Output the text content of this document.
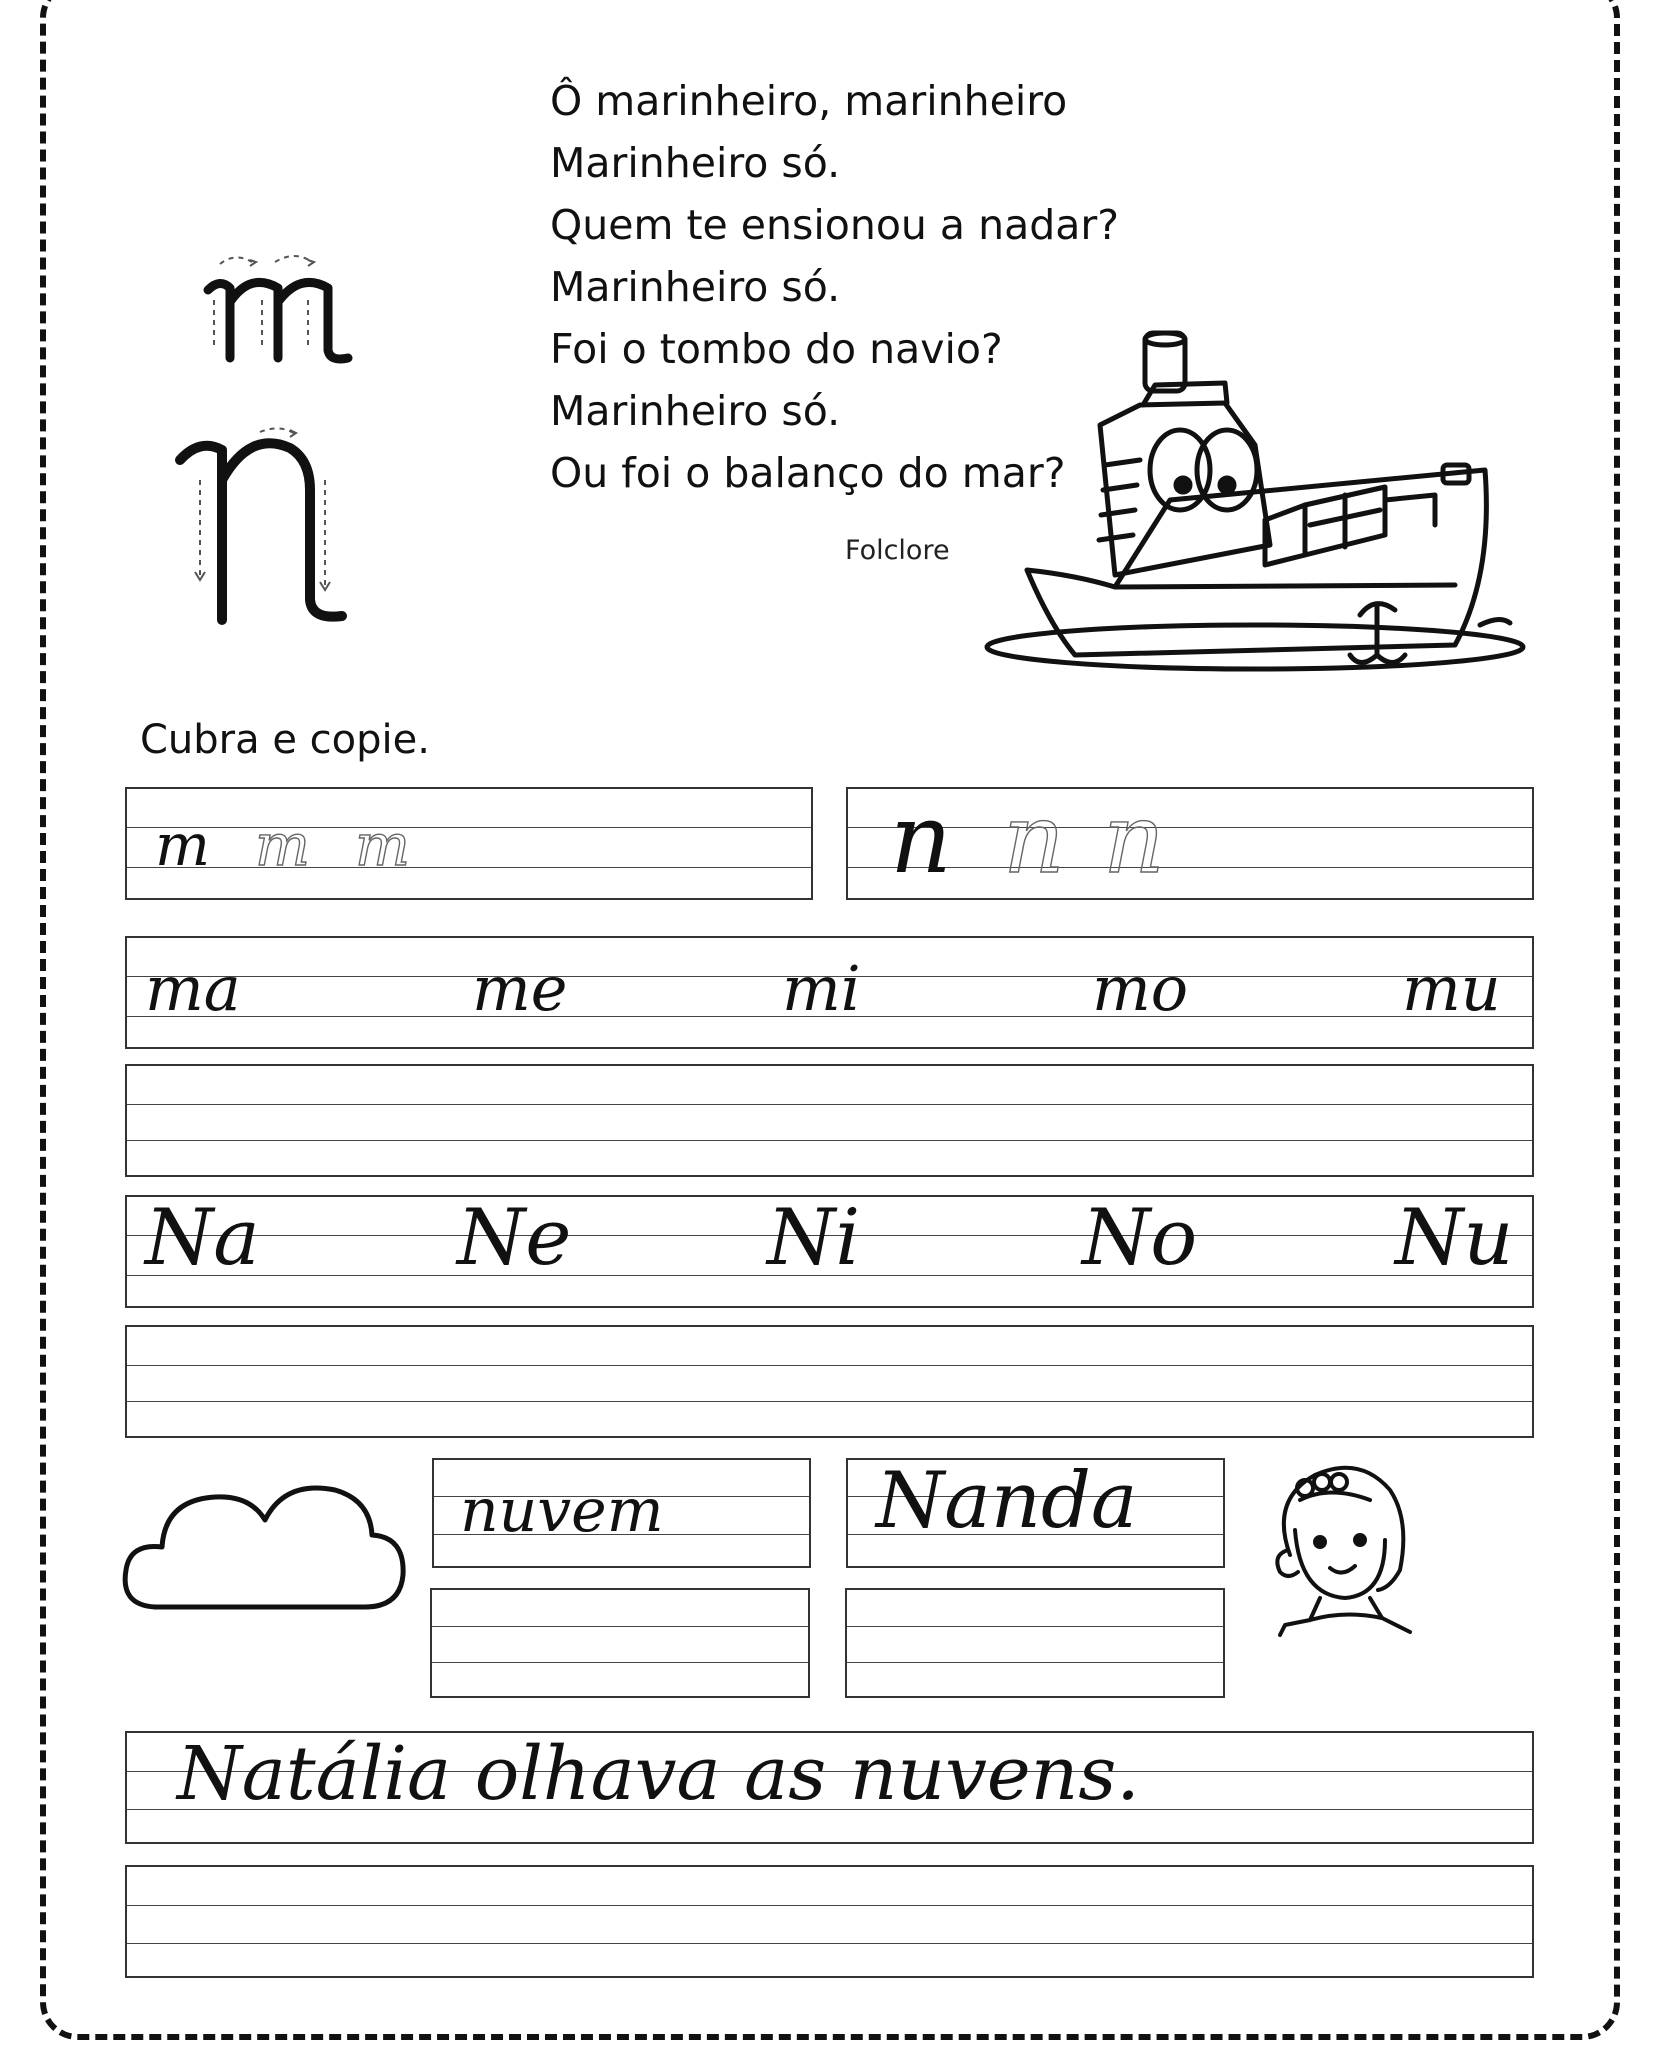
Ô marinheiro, marinheiro
Marinheiro só.
Quem te ensionou a nadar?
Marinheiro só.
Foi o tombo do navio?
Marinheiro só.
Ou foi o balanço do mar?
Folclore
Cubra e copie.
m m m	n n n
ma	me	mi	mo	mu
Na	Ne	Ni	No	Nu
nuvem	Nanda
Natália olhava as nuvens.
